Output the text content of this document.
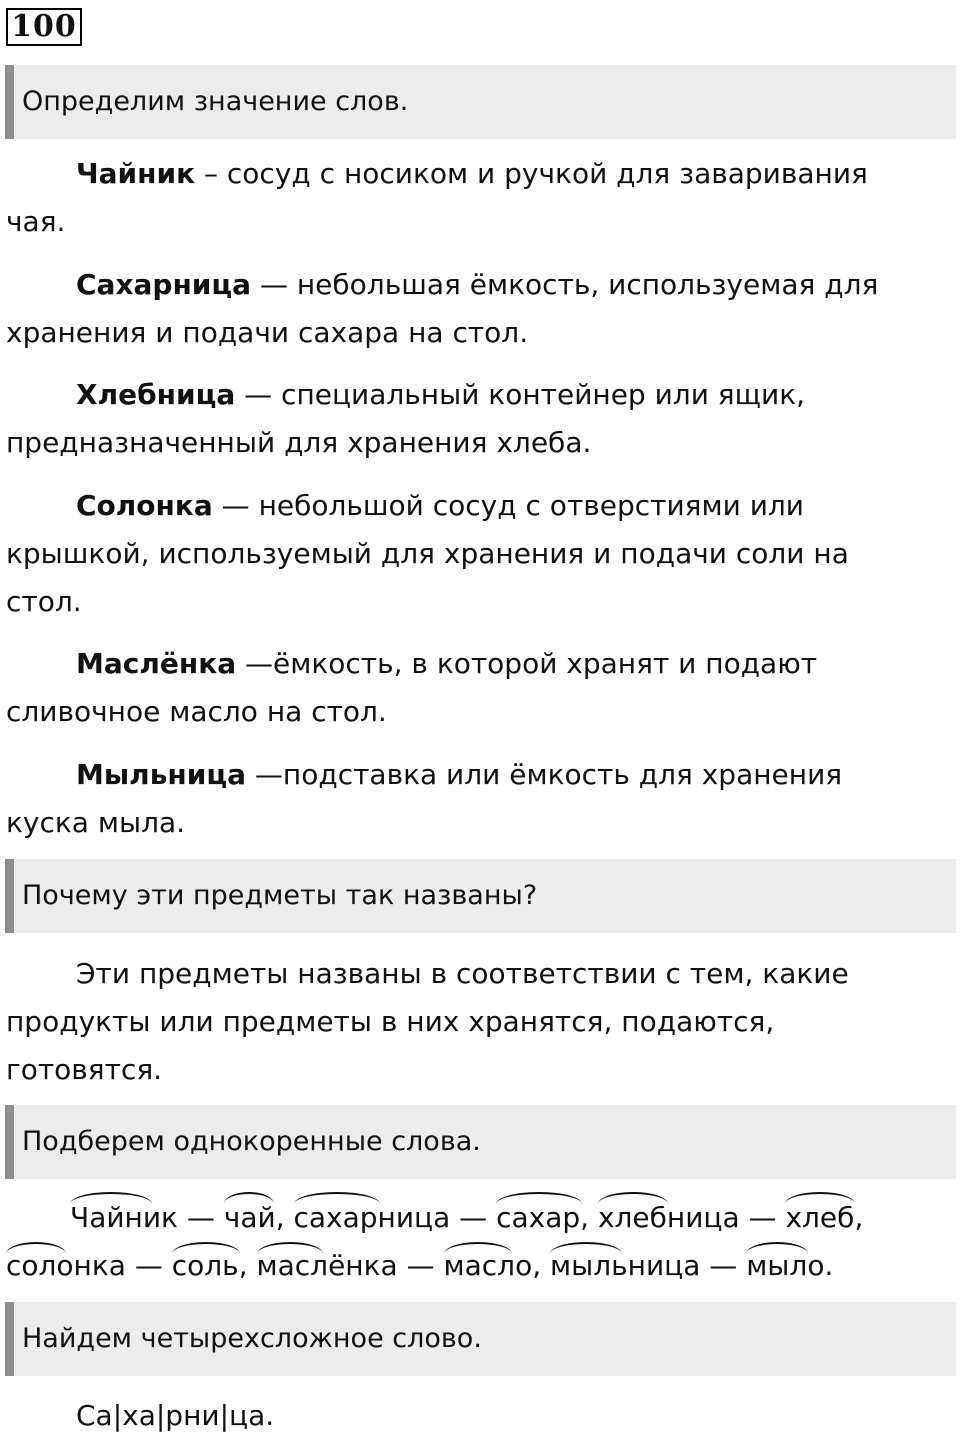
100
Определим значение слов.

Чайник – сосуд с носиком и ручкой для заваривания чая.

Сахарница — небольшая ёмкость, используемая для хранения и подачи сахара на стол.

Хлебница — специальный контейнер или ящик, предназначенный для хранения хлеба.

Солонка — небольшой сосуд с отверстиями или крышкой, используемый для хранения и подачи соли на стол.

Маслёнка —ёмкость, в которой хранят и подают сливочное масло на стол.

Мыльница —подставка или ёмкость для хранения куска мыла.

Почему эти предметы так названы?

Эти предметы названы в соответствии с тем, какие продукты или предметы в них хранятся, подаются, готовятся.

Подберем однокоренные слова.
Чайник
— чай
, сахарница
— сахар
, хлебница
— хлеб
,
солонка
— соль
, маслёнка
— масло
, мыльница
— мыло
.
Найдем четырехсложное слово.

Са|ха|рни|ца.
